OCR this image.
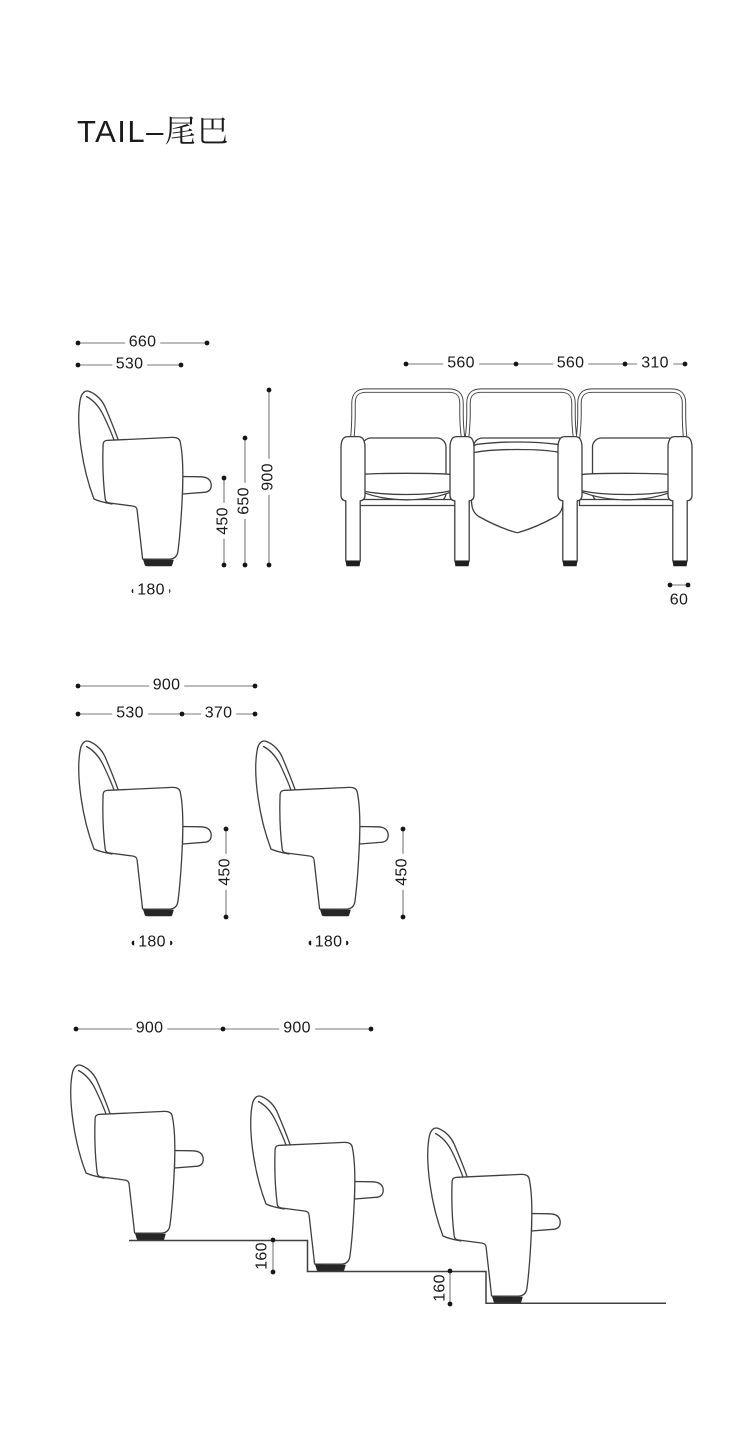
TAIL–尾巴
660
530
450
650
900
180
560	560	310
60
900
530	370
450	450
180	180
900	900
160
160
